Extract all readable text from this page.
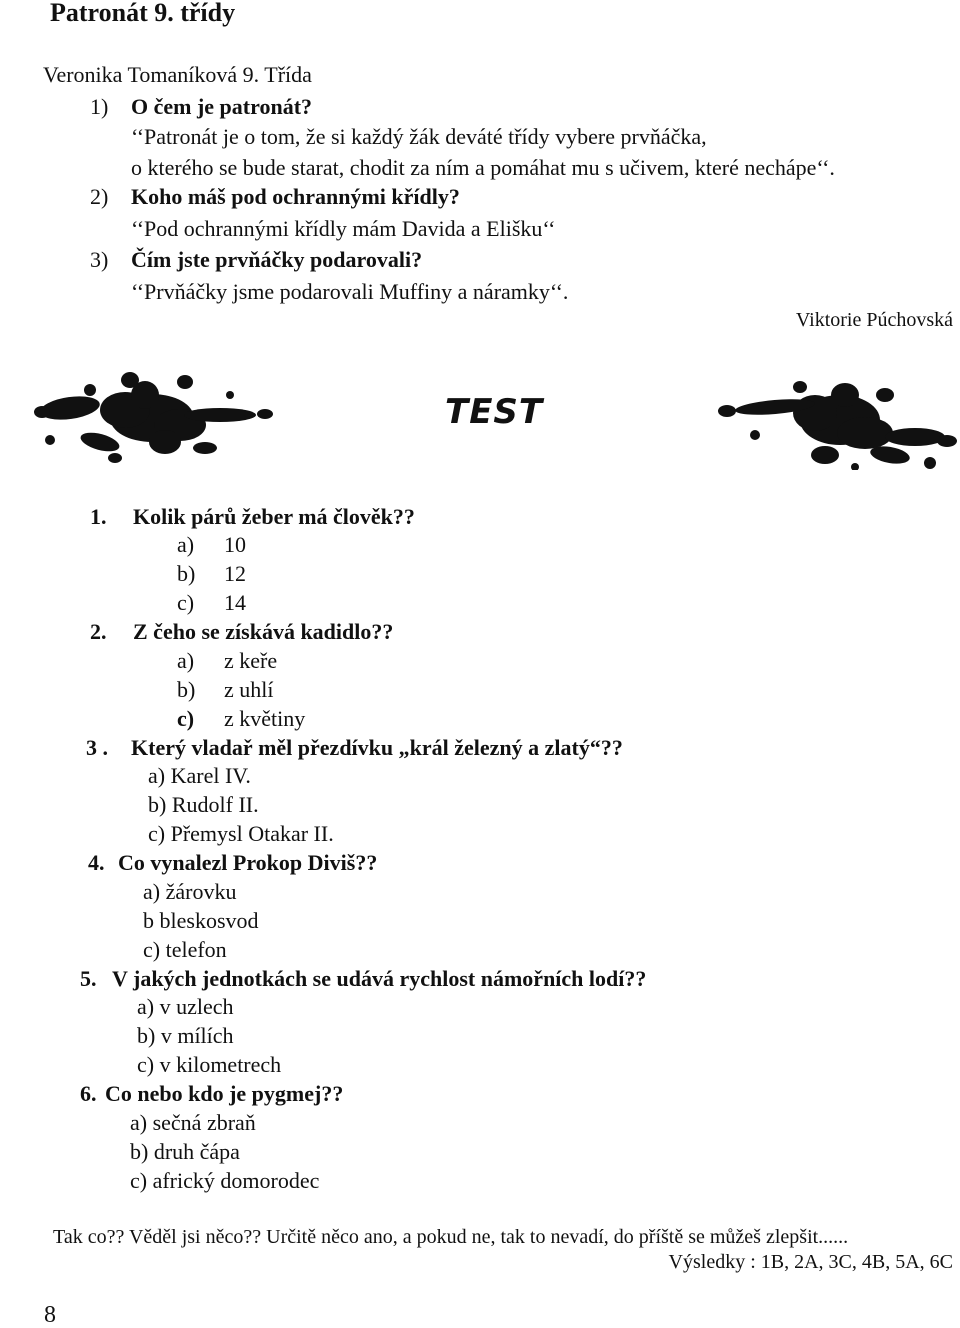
Patronát 9. třídy
Veronika Tomaníková 9. Třída
1) O čem je patronát?
‘‘Patronát je o tom, že si každý žák deváté třídy vybere prvňáčka,
o kterého se bude starat, chodit za ním a pomáhat mu s učivem, které nechápe‘‘.
2) Koho máš pod ochrannými křídly?
‘‘Pod ochrannými křídly mám Davida a Elišku‘‘
3) Čím jste prvňáčky podarovali?
‘‘Prvňáčky jsme podarovali Muffiny a náramky‘‘.
Viktorie Púchovská
TEST
1. Kolik párů žeber má člověk??
a) 10
b) 12
c) 14
2. Z čeho se získává kadidlo??
a) z keře
b) z uhlí
c) z květiny
3 . Který vladař měl přezdívku „král železný a zlatý“??
a) Karel IV.
b) Rudolf II.
c) Přemysl Otakar II.
4. Co vynalezl Prokop Diviš??
a) žárovku
b bleskosvod
c) telefon
5. V jakých jednotkách se udává rychlost námořních lodí??
a) v uzlech
b) v mílích
c) v kilometrech
6. Co nebo kdo je pygmej??
a) sečná zbraň
b) druh čápa
c) africký domorodec
Tak co?? Věděl jsi něco?? Určitě něco ano, a pokud ne, tak to nevadí, do příště se můžeš zlepšit......
Výsledky : 1B, 2A, 3C, 4B, 5A, 6C
8
